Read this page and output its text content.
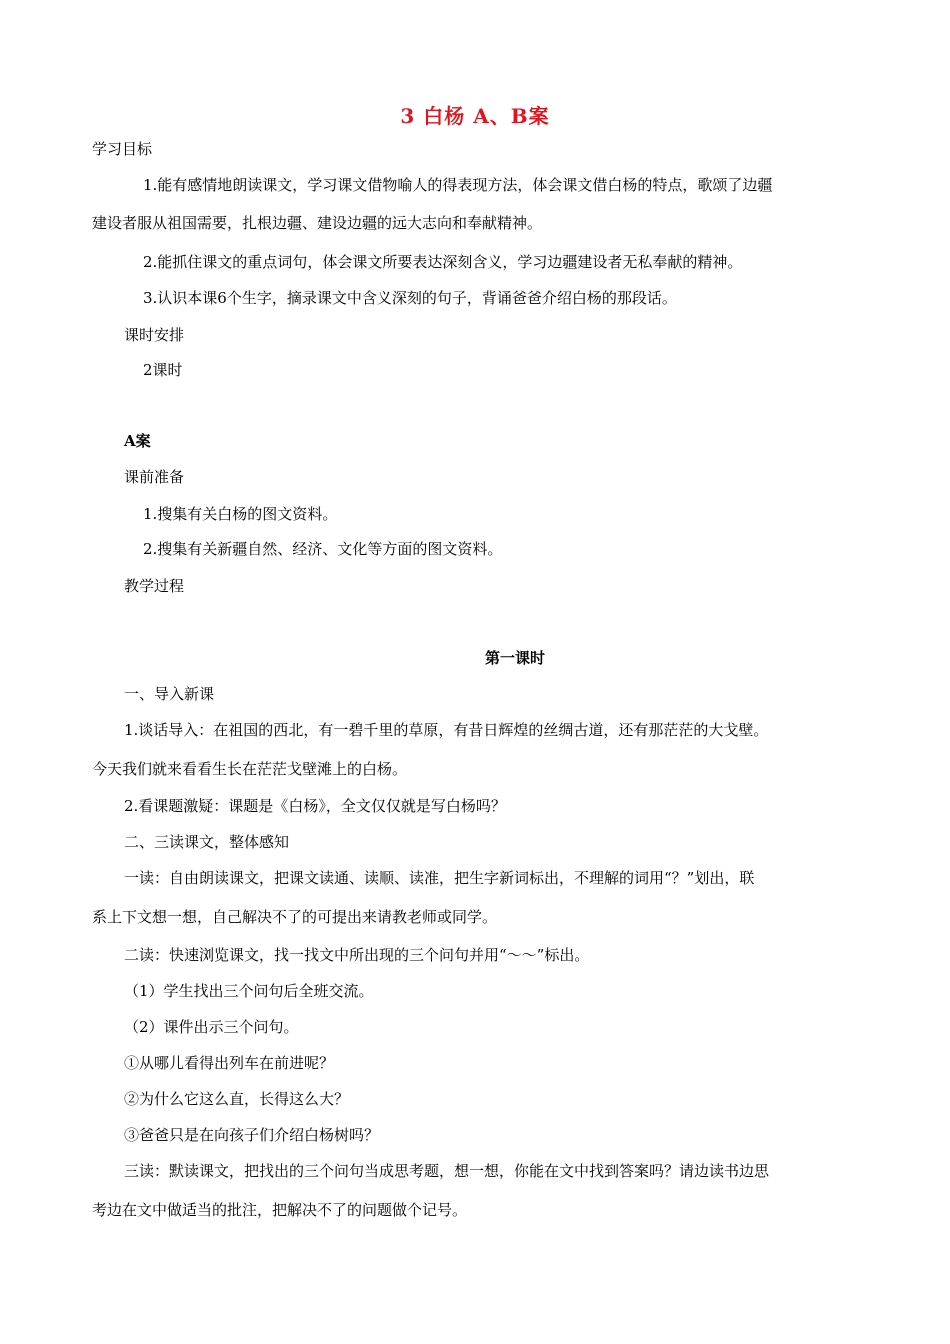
3 白杨 A、B案
学习目标
1.能有感情地朗读课文，学习课文借物喻人的得表现方法，体会课文借白杨的特点，歌颂了边疆
建设者服从祖国需要，扎根边疆、建设边疆的远大志向和奉献精神。
2.能抓住课文的重点词句，体会课文所要表达深刻含义，学习边疆建设者无私奉献的精神。
3.认识本课6个生字，摘录课文中含义深刻的句子，背诵爸爸介绍白杨的那段话。
课时安排
2课时
A案
课前准备
1.搜集有关白杨的图文资料。
2.搜集有关新疆自然、经济、文化等方面的图文资料。
教学过程
第一课时
一、导入新课
1.谈话导入：在祖国的西北，有一碧千里的草原，有昔日辉煌的丝绸古道，还有那茫茫的大戈壁。
今天我们就来看看生长在茫茫戈壁滩上的白杨。
2.看课题激疑：课题是《白杨》，全文仅仅就是写白杨吗？
二、三读课文，整体感知
一读：自由朗读课文，把课文读通、读顺、读准，把生字新词标出，不理解的词用“？”划出，联
系上下文想一想，自己解决不了的可提出来请教老师或同学。
二读：快速浏览课文，找一找文中所出现的三个问句并用“～～”标出。
（1）学生找出三个问句后全班交流。
（2）课件出示三个问句。
①从哪儿看得出列车在前进呢？
②为什么它这么直，长得这么大？
③爸爸只是在向孩子们介绍白杨树吗？
三读：默读课文，把找出的三个问句当成思考题，想一想，你能在文中找到答案吗？请边读书边思
考边在文中做适当的批注，把解决不了的问题做个记号。
